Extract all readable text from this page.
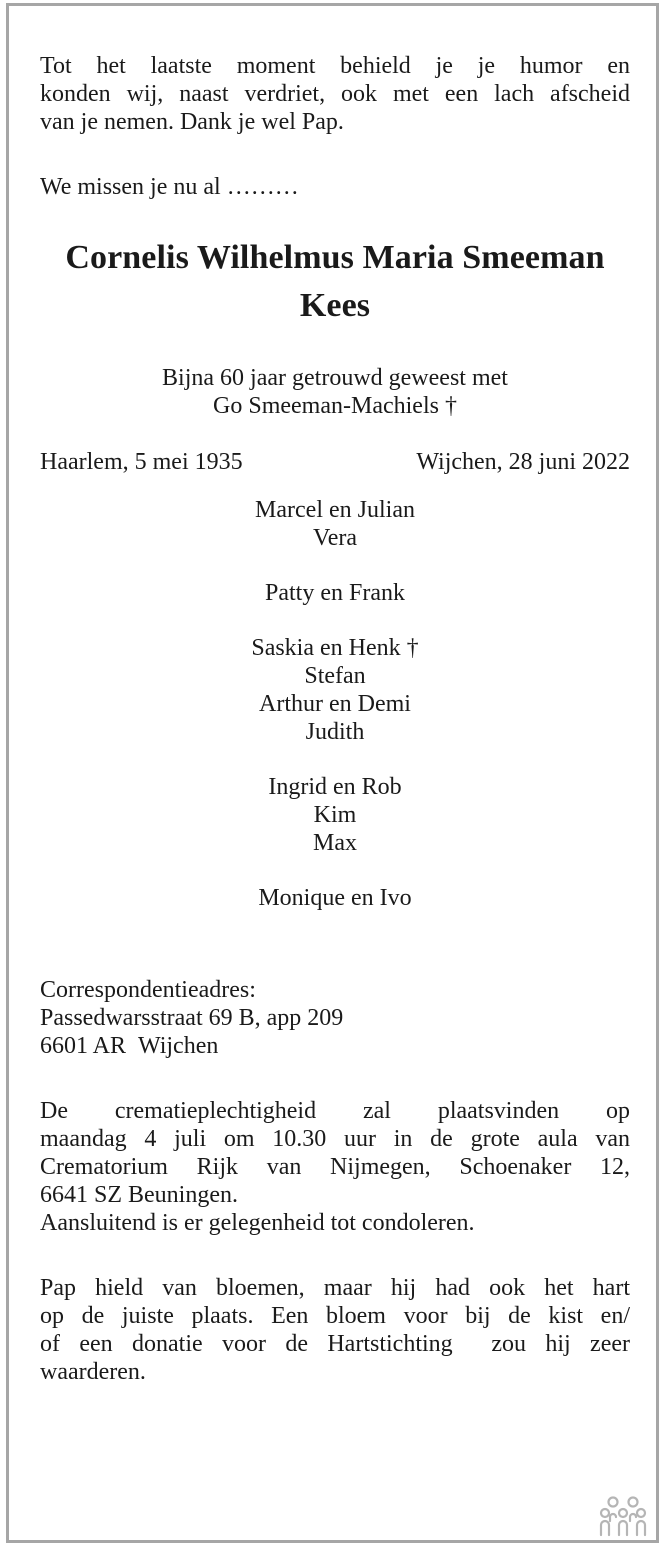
Tot het laatste moment behield je je humor en
konden wij, naast verdriet, ook met een lach afscheid
van je nemen. Dank je wel Pap.
We missen je nu al ………
Cornelis Wilhelmus Maria Smeeman
Kees
Bijna 60 jaar getrouwd geweest met
Go Smeeman-Machiels †
Haarlem, 5 mei 1935	Wijchen, 28 juni 2022
Marcel en Julian
Vera
Patty en Frank
Saskia en Henk †
Stefan
Arthur en Demi
Judith
Ingrid en Rob
Kim
Max
Monique en Ivo
Correspondentieadres:
Passedwarsstraat 69 B, app 209
6601 AR  Wijchen
De crematieplechtigheid zal plaatsvinden op
maandag 4 juli om 10.30 uur in de grote aula van
Crematorium Rijk van Nijmegen, Schoenaker 12,
6641 SZ Beuningen.
Aansluitend is er gelegenheid tot condoleren.
Pap hield van bloemen, maar hij had ook het hart
op de juiste plaats. Een bloem voor bij de kist en/
of een donatie voor de Hartstichting  zou hij zeer
waarderen.
